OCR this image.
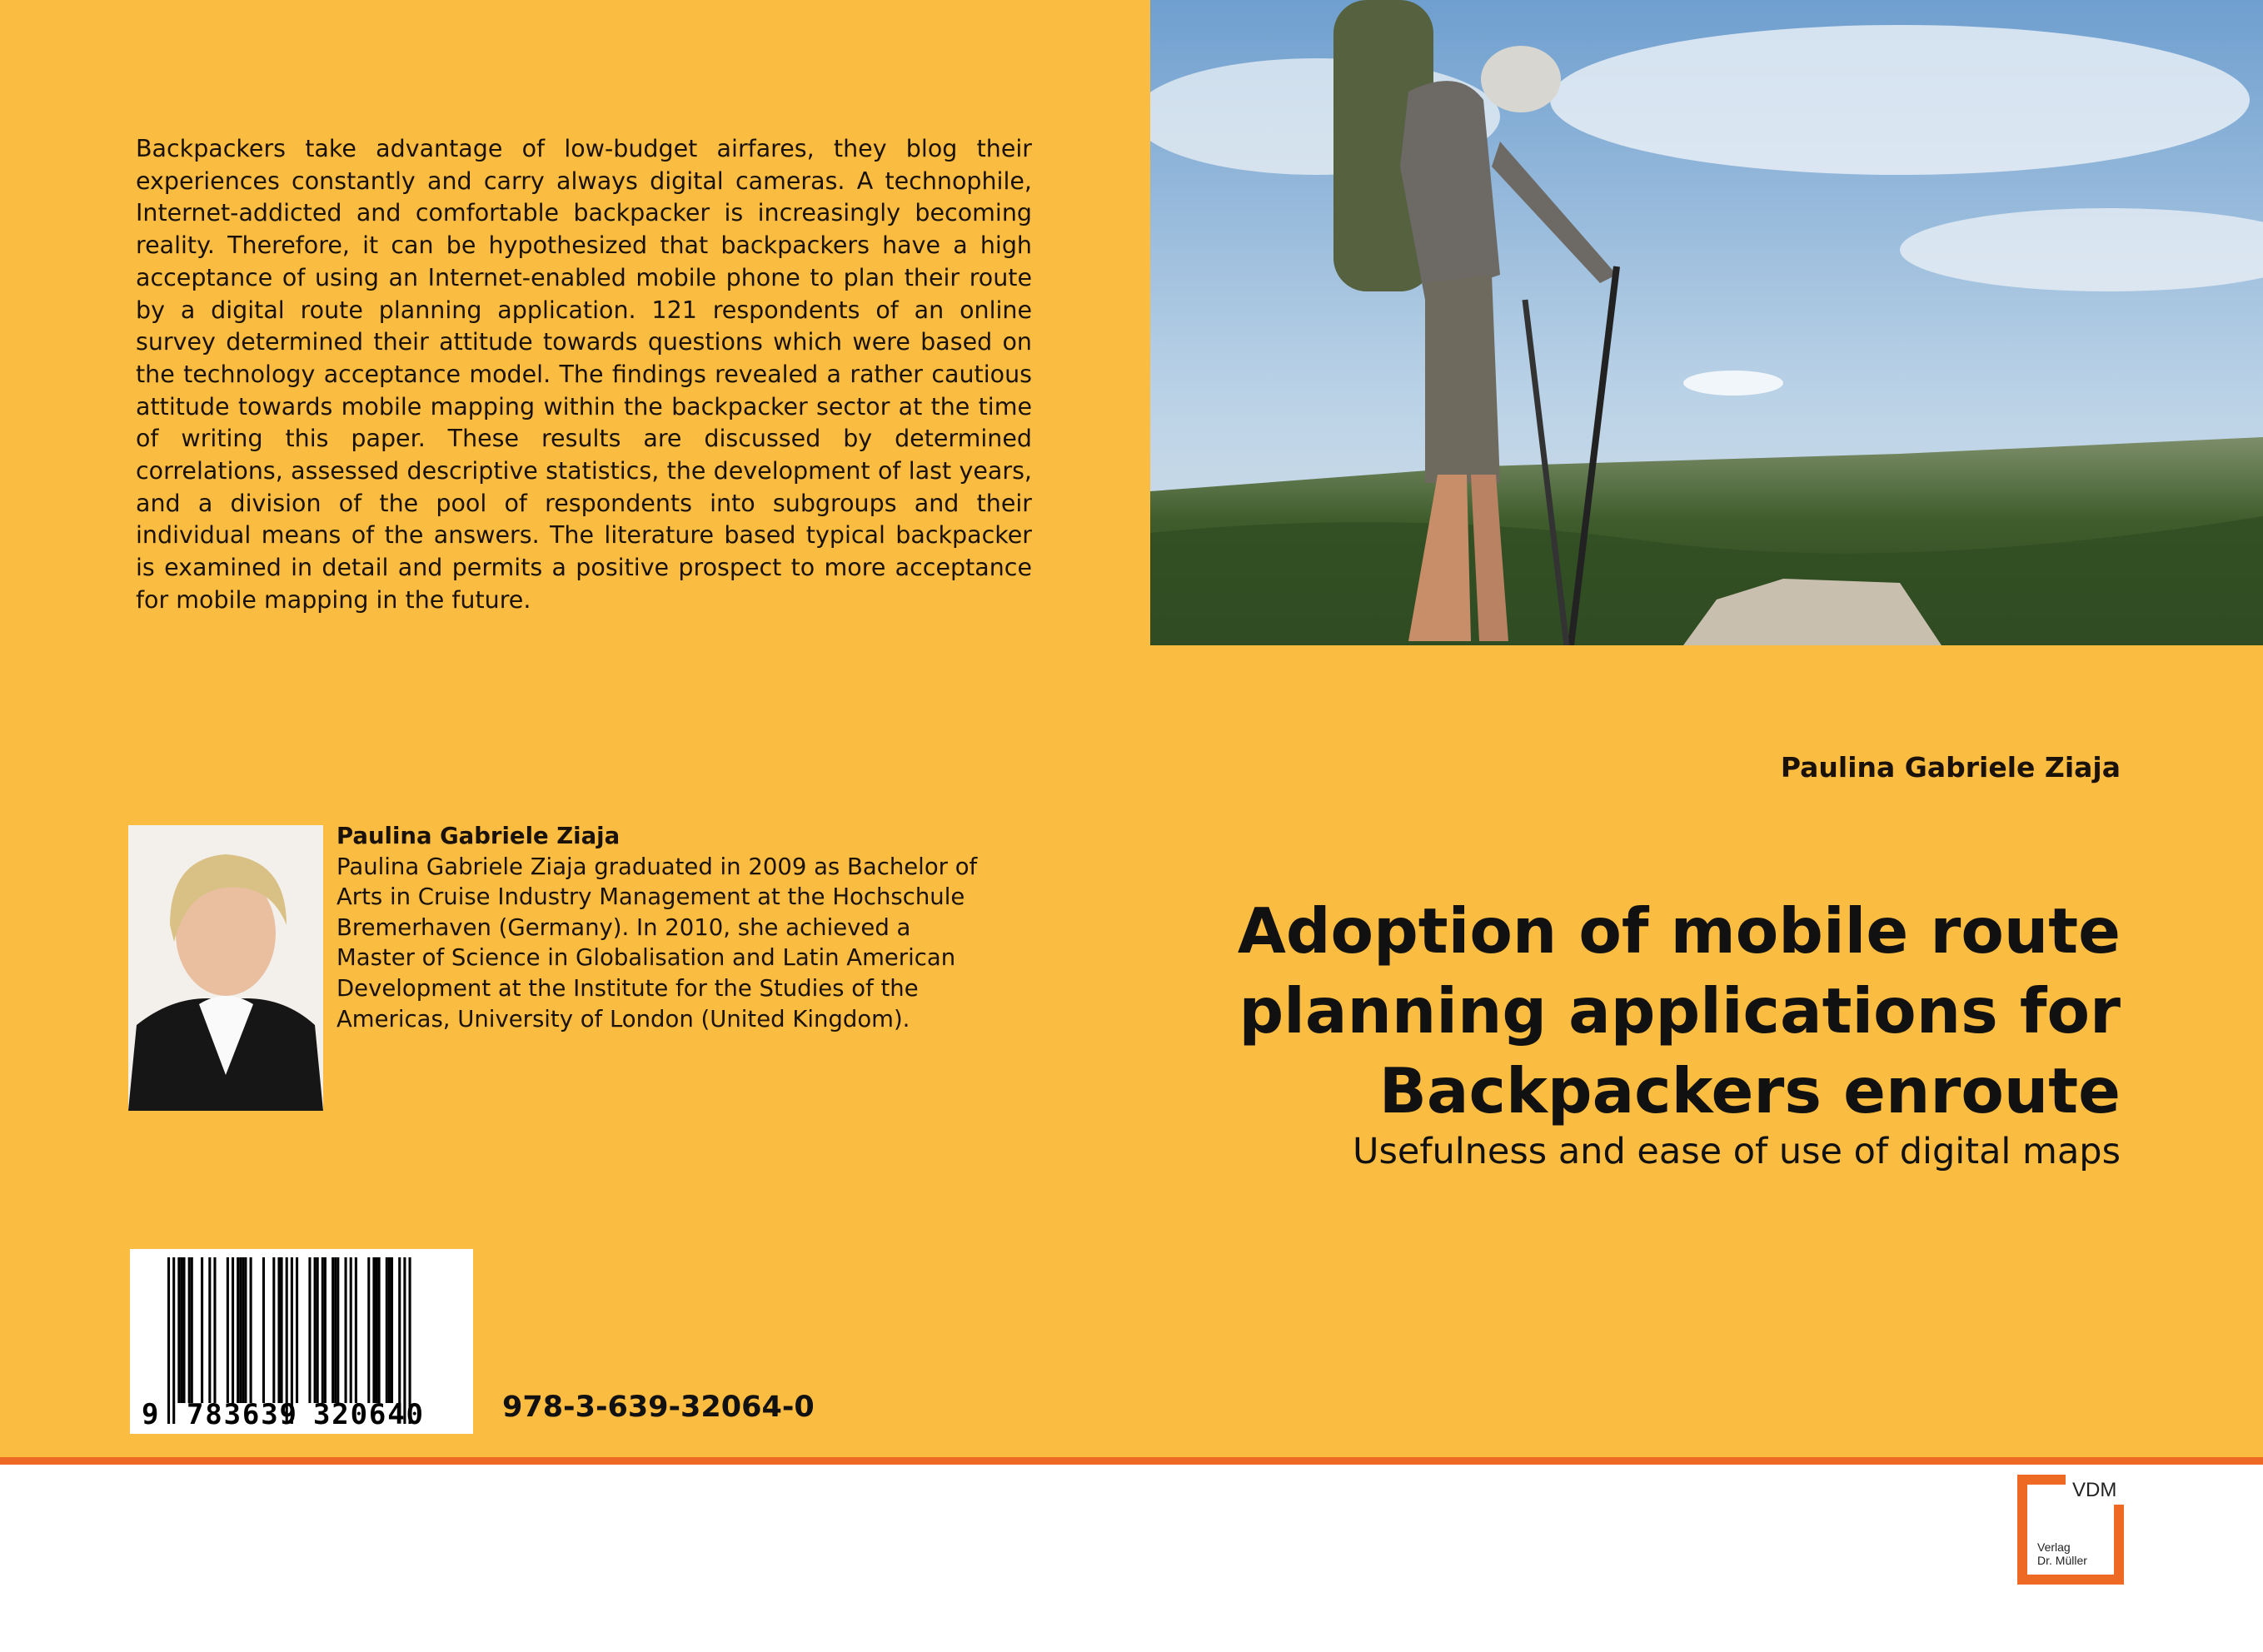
Backpackers take advantage of low-budget airfares, they blog their experiences constantly and carry always digital cameras. A technophile, Internet-addicted and comfortable backpacker is increasingly becoming reality. Therefore, it can be hypothesized that backpackers have a high acceptance of using an Internet-enabled mobile phone to plan their route by a digital route planning application. 121 respondents of an online survey determined their attitude towards questions which were based on the technology acceptance model. The findings revealed a rather cautious attitude towards mobile mapping within the backpacker sector at the time of writing this paper. These results are discussed by determined correlations, assessed descriptive statistics, the development of last years, and a division of the pool of respondents into subgroups and their individual means of the answers. The literature based typical backpacker is examined in detail and permits a positive prospect to more acceptance for mobile mapping in the future.

Paulina Gabriele Ziaja
Paulina Gabriele Ziaja graduated in 2009 as Bachelor of Arts in Cruise Industry Management at the Hochschule Bremerhaven (Germany). In 2010, she achieved a Master of Science in Globalisation and Latin American Development at the Institute for the Studies of the Americas, University of London (United Kingdom).
Paulina Gabriele Ziaja
Adoption of mobile route
planning applications for
Backpackers enroute
Usefulness and ease of use of digital maps
9 783639 320640	978-3-639-32064-0
VDM
Verlag
Dr. Müller
